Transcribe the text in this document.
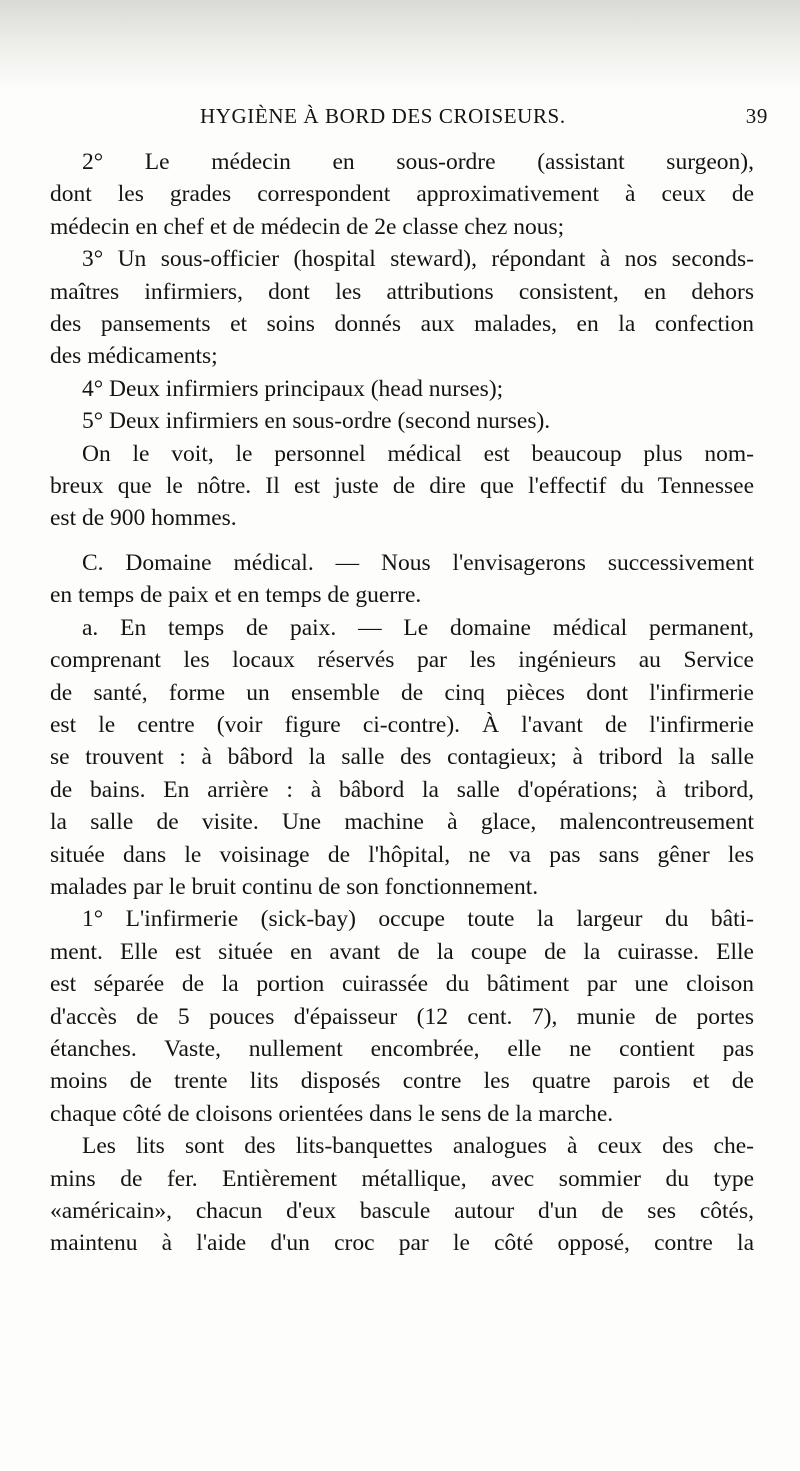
HYGIÈNE À BORD DES CROISEURS.	39

2° Le médecin en sous-ordre (assistant surgeon),

dont les grades correspondent approximativement à ceux de

médecin en chef et de médecin de 2e classe chez nous;

3° Un sous-officier (hospital steward), répondant à nos seconds-

maîtres infirmiers, dont les attributions consistent, en dehors

des pansements et soins donnés aux malades, en la confection

des médicaments;

4° Deux infirmiers principaux (head nurses);

5° Deux infirmiers en sous-ordre (second nurses).

On le voit, le personnel médical est beaucoup plus nom-

breux que le nôtre. Il est juste de dire que l'effectif du Tennessee

est de 900 hommes.

C. Domaine médical. — Nous l'envisagerons successivement

en temps de paix et en temps de guerre.

a. En temps de paix. — Le domaine médical permanent,

comprenant les locaux réservés par les ingénieurs au Service

de santé, forme un ensemble de cinq pièces dont l'infirmerie

est le centre (voir figure ci-contre). À l'avant de l'infirmerie

se trouvent : à bâbord la salle des contagieux; à tribord la salle

de bains. En arrière : à bâbord la salle d'opérations; à tribord,

la salle de visite. Une machine à glace, malencontreusement

située dans le voisinage de l'hôpital, ne va pas sans gêner les

malades par le bruit continu de son fonctionnement.

1° L'infirmerie (sick-bay) occupe toute la largeur du bâti-

ment. Elle est située en avant de la coupe de la cuirasse. Elle

est séparée de la portion cuirassée du bâtiment par une cloison

d'accès de 5 pouces d'épaisseur (12 cent. 7), munie de portes

étanches. Vaste, nullement encombrée, elle ne contient pas

moins de trente lits disposés contre les quatre parois et de

chaque côté de cloisons orientées dans le sens de la marche.

Les lits sont des lits-banquettes analogues à ceux des che-

mins de fer. Entièrement métallique, avec sommier du type

«américain», chacun d'eux bascule autour d'un de ses côtés,

maintenu à l'aide d'un croc par le côté opposé, contre la
